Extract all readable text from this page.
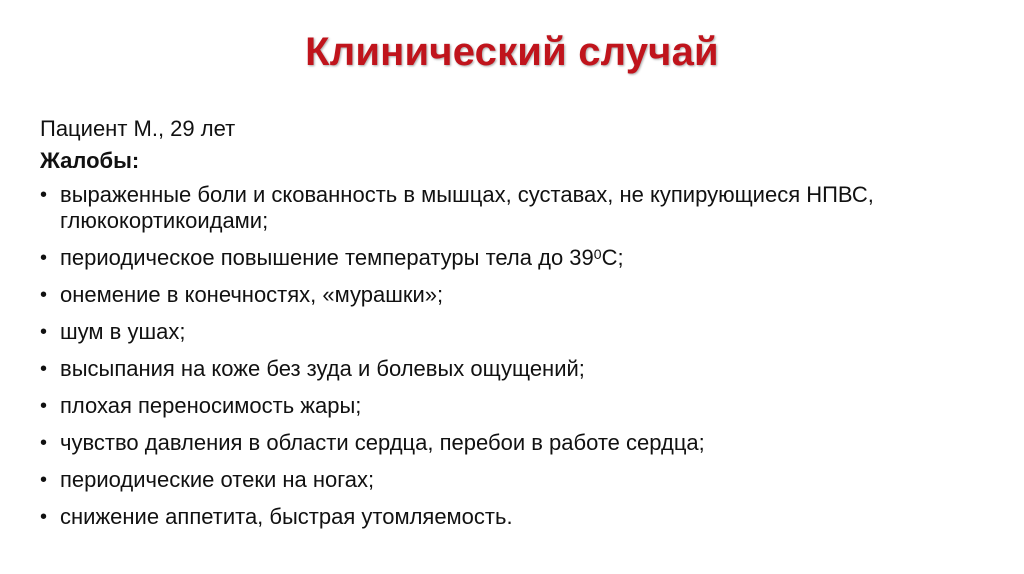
Клинический случай
Пациент М., 29 лет
Жалобы:
• выраженные боли и скованность в мышцах, суставах, не купирующиеся НПВС, глюкокортикоидами;
• периодическое повышение температуры тела до $39^0С$;
• онемение в конечностях, «мурашки»;
• шум в ушах;
• высыпания на коже без зуда и болевых ощущений;
• плохая переносимость жары;
• чувство давления в области сердца, перебои в работе сердца;
• периодические отеки на ногах;
• снижение аппетита, быстрая утомляемость.
